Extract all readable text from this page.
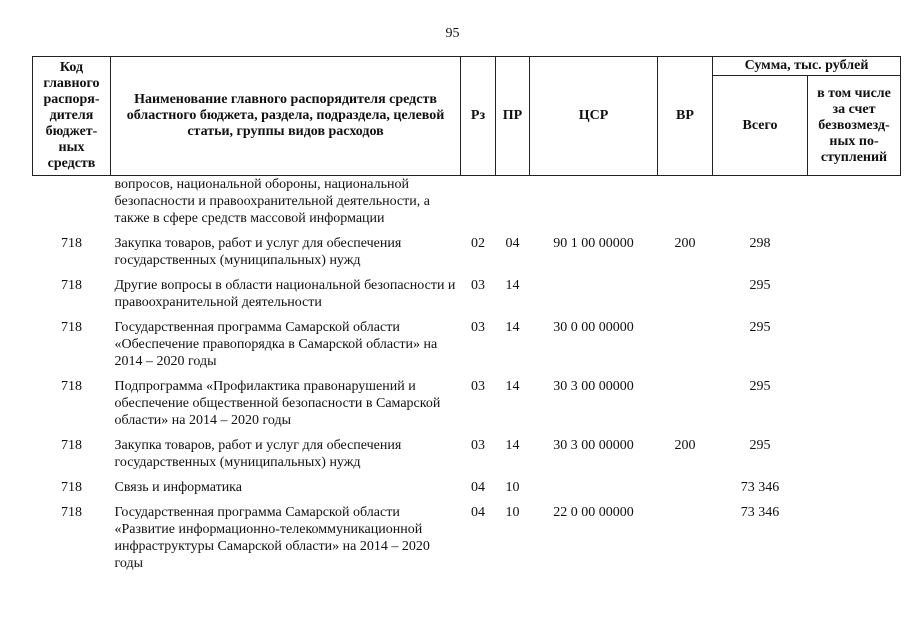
95
Код главного распоря-дителя бюджет-ных средств	Наименование главного распорядителя средств областного бюджета, раздела, подраздела, целевой статьи, группы видов расходов	Рз	ПР	ЦСР	ВР	Сумма, тыс. рублей	
						Всего	в том числе за счет безвозмезд-ных по-ступлений
	вопросов, национальной обороны, национальной безопасности и правоохранительной деятельности, а также в сфере средств массовой информации						
718	Закупка товаров, работ и услуг для обеспечения государственных (муниципальных) нужд	02	04	90 1 00 00000	200	298	
718	Другие вопросы в области национальной безопасности и правоохранительной деятельности	03	14			295	
718	Государственная программа Самарской области «Обеспечение правопорядка в Самарской области» на 2014 – 2020 годы	03	14	30 0 00 00000		295	
718	Подпрограмма «Профилактика правонарушений и обеспечение общественной безопасности в Самарской области» на 2014 – 2020 годы	03	14	30 3 00 00000		295	
718	Закупка товаров, работ и услуг для обеспечения государственных (муниципальных) нужд	03	14	30 3 00 00000	200	295	
718	Связь и информатика	04	10			73 346	
718	Государственная программа Самарской области «Развитие информационно-телекоммуникационной инфраструктуры Самарской области» на 2014 – 2020 годы	04	10	22 0 00 00000		73 346	
